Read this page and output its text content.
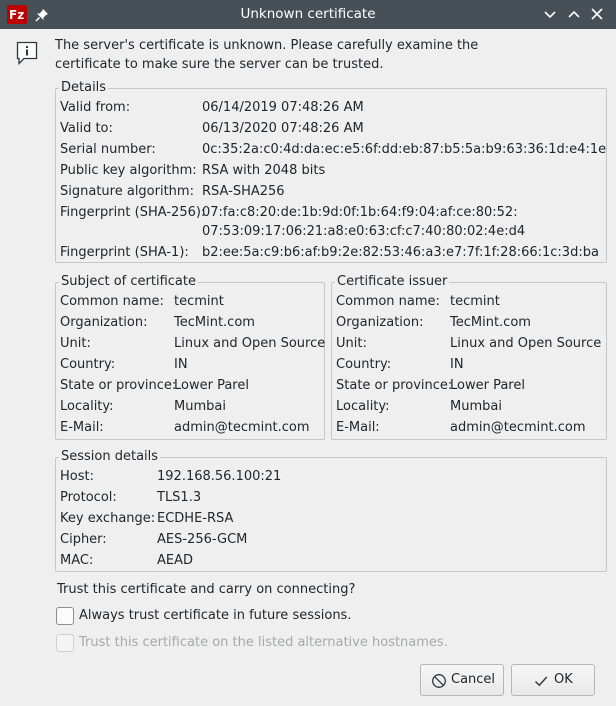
Fz	Unknown certificate
The server's certificate is unknown. Please carefully examine the
certificate to make sure the server can be trusted.
Details
Valid from:	06/14/2019 07:48:26 AM
Valid to:	06/13/2020 07:48:26 AM
Serial number:	0c:35:2a:c0:4d:da:ec:e5:6f:dd:eb:87:b5:5a:b9:63:36:1d:e4:1e
Public key algorithm: RSA with 2048 bits
Signature algorithm: RSA-SHA256
Fingerprint (SHA-256):
07:fa:c8:20:de:1b:9d:0f:1b:64:f9:04:af:ce:80:52:
07:53:09:17:06:21:a8:e0:63:cf:c7:40:80:02:4e:d4
Fingerprint (SHA-1): b2:ee:5a:c9:b6:af:b9:2e:82:53:46:a3:e7:7f:1f:28:66:1c:3d:ba
Subject of certificate
Common name: tecmint
Organization: TecMint.com
Unit:	Linux and Open Source
Country:	IN
State or province:
Lower Parel
Locality:	Mumbai
E-Mail:	admin@tecmint.com
Certificate issuer
Common name: tecmint
Organization: TecMint.com
Unit:	Linux and Open Source
Country:	IN
State or province:
Lower Parel
Locality:	Mumbai
E-Mail:	admin@tecmint.com
Session details
Host:	192.168.56.100:21
Protocol:	TLS1.3
Key exchange: ECDHE-RSA
Cipher:	AES-256-GCM
MAC:	AEAD
Trust this certificate and carry on connecting?
Always trust certificate in future sessions.
Trust this certificate on the listed alternative hostnames.
Cancel	OK
